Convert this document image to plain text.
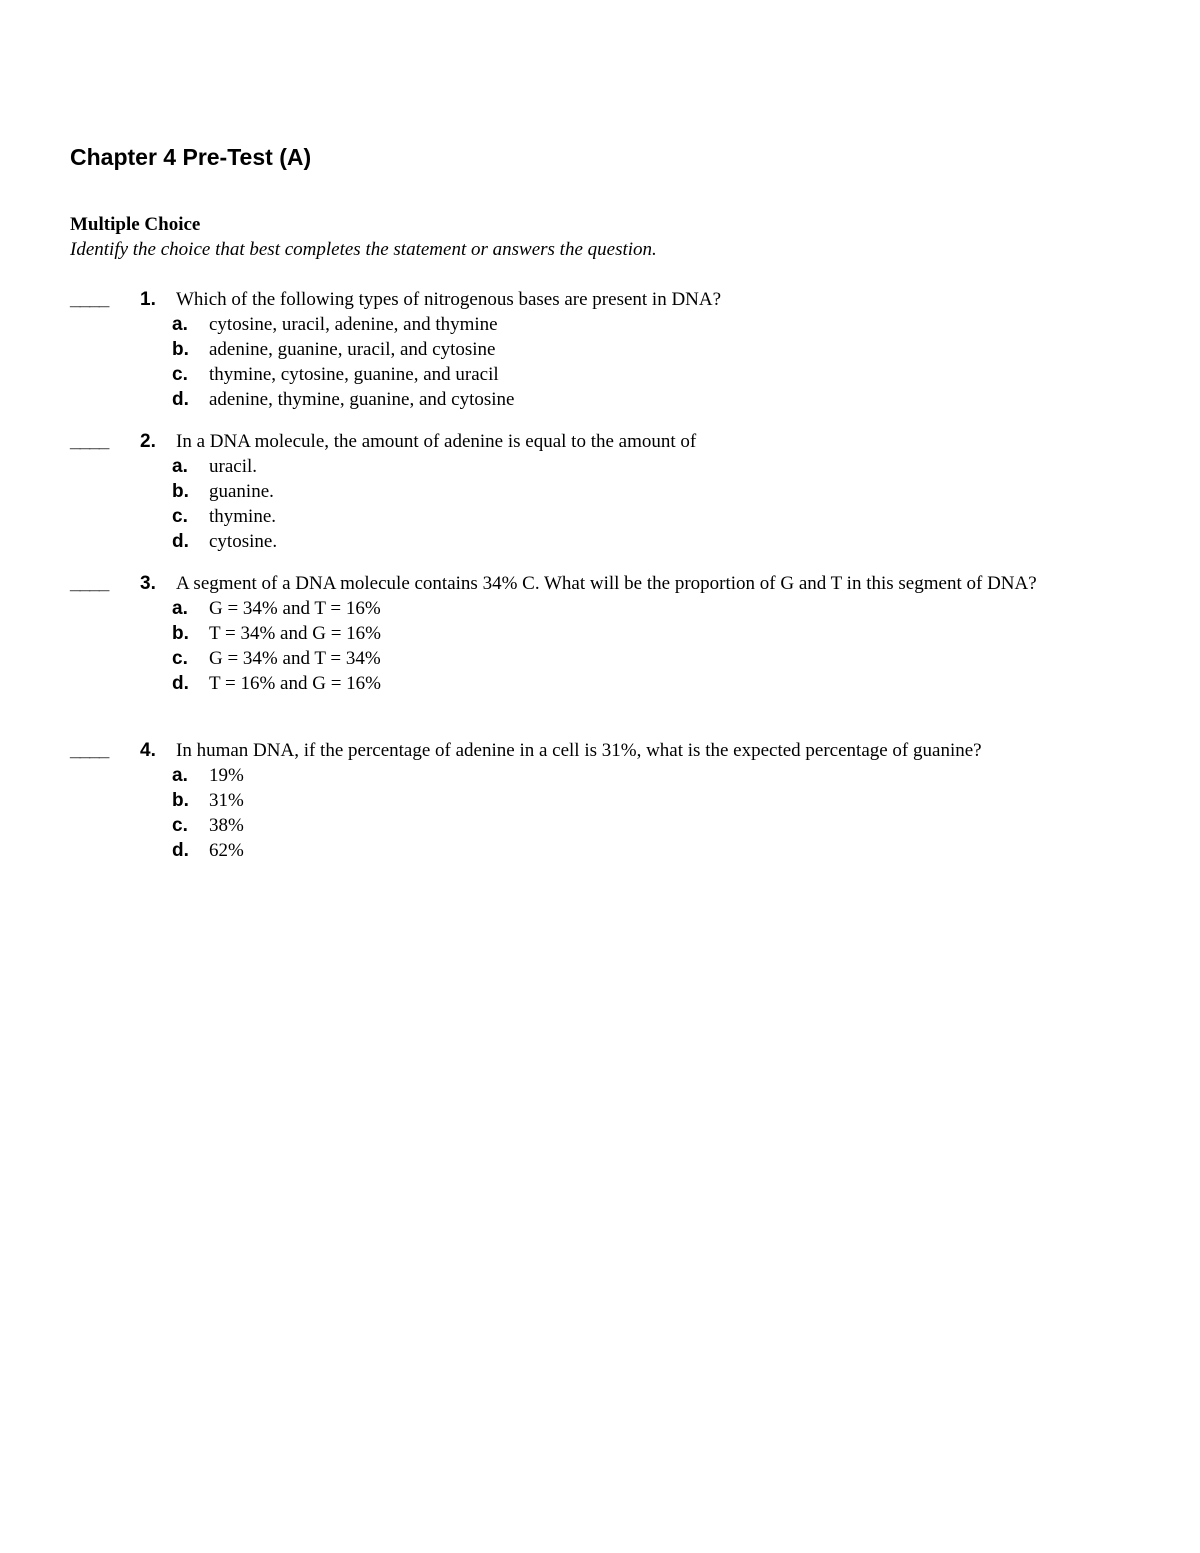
Chapter 4 Pre-Test (A)

Multiple Choice

Identify the choice that best completes the statement or answers the question.

____ 1. Which of the following types of nitrogenous bases are present in DNA?
a. cytosine, uracil, adenine, and thymine
b. adenine, guanine, uracil, and cytosine
c. thymine, cytosine, guanine, and uracil
d. adenine, thymine, guanine, and cytosine
____ 2. In a DNA molecule, the amount of adenine is equal to the amount of
a. uracil.
b. guanine.
c. thymine.
d. cytosine.
____ 3. A segment of a DNA molecule contains 34% C. What will be the proportion of G and T in this segment of DNA?
a. G = 34% and T = 16%
b. T = 34% and G = 16%
c. G = 34% and T = 34%
d. T = 16% and G = 16%
____ 4. In human DNA, if the percentage of adenine in a cell is 31%, what is the expected percentage of guanine?
a. 19%
b. 31%
c. 38%
d. 62%
